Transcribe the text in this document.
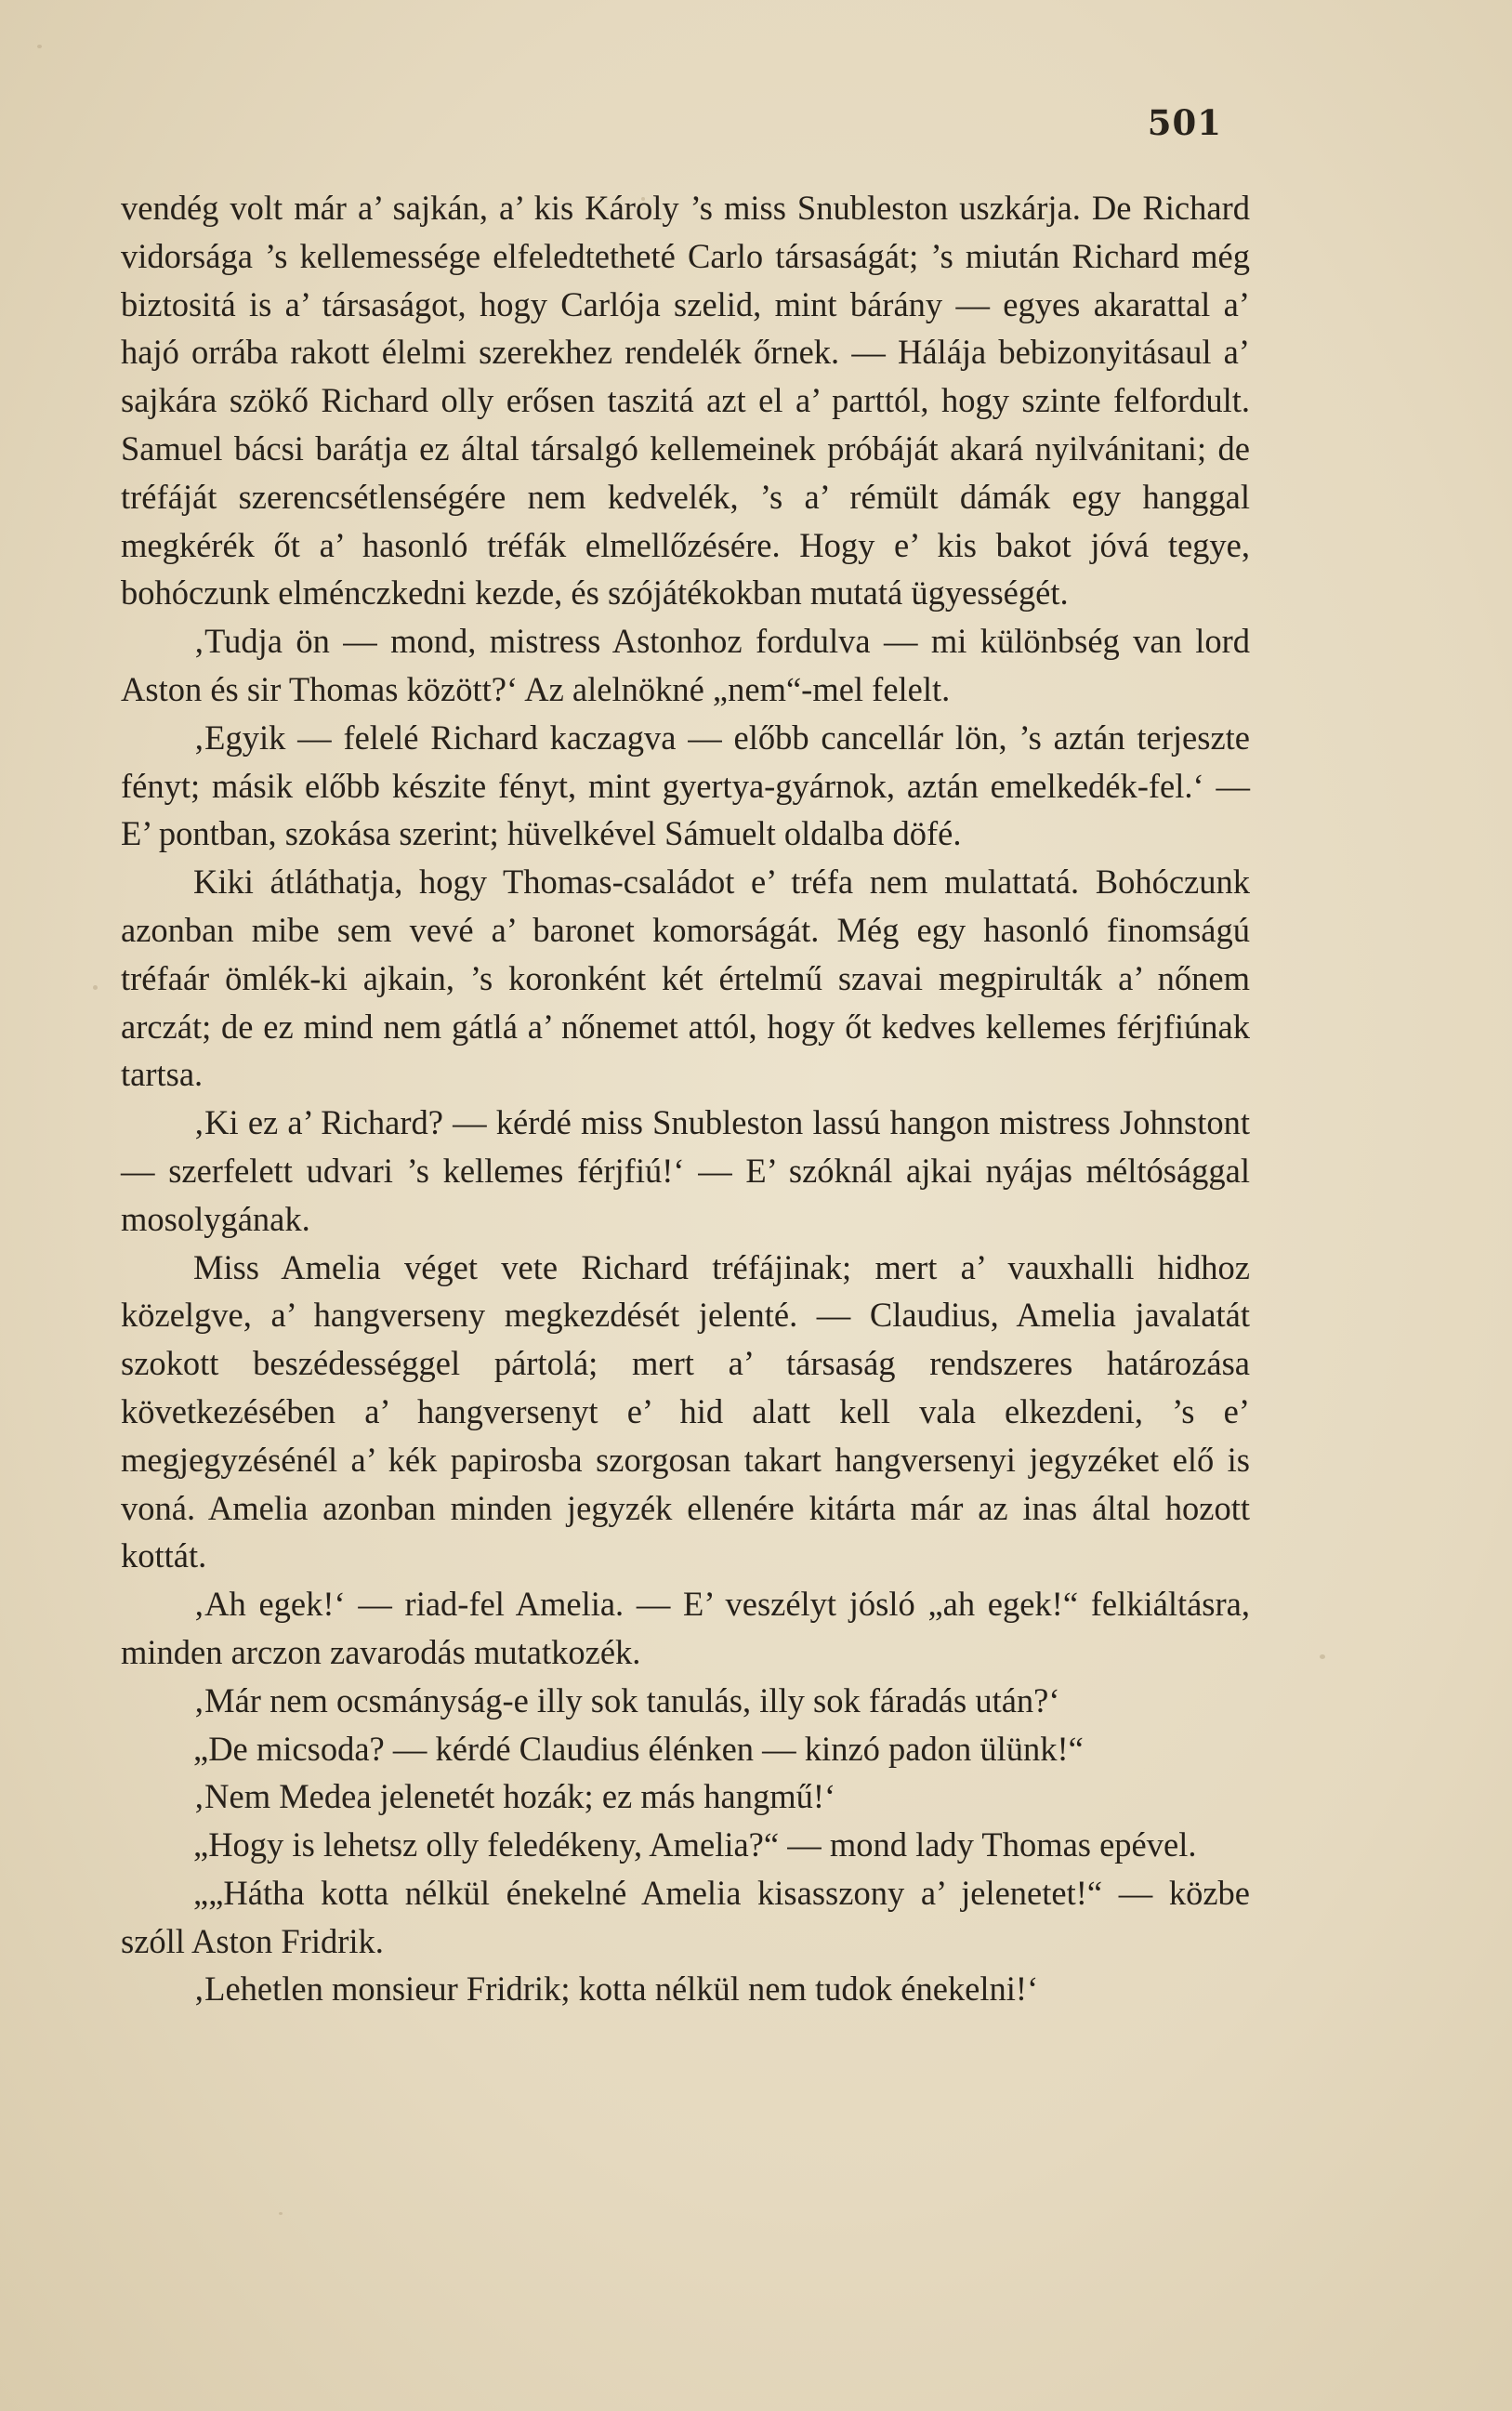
501

vendég volt már a’ sajkán, a’ kis Károly ’s miss Snubleston uszkárja. De Richard vidorsága ’s kellemessége elfeledtetheté Carlo társaságát; ’s miután Richard még biztositá is a’ társaságot, hogy Carlója szelid, mint bárány — egyes akarattal a’ hajó orrába rakott élelmi szerekhez rendelék őrnek. — Hálája bebizonyitásaul a’ sajkára szökő Richard olly erősen taszitá azt el a’ parttól, hogy szinte felfordult. Samuel bácsi barátja ez által társalgó kellemeinek próbáját akará nyilvánitani; de tréfáját szerencsétlenségére nem kedvelék, ’s a’ rémült dámák egy hanggal megkérék őt a’ hasonló tréfák elmellőzésére. Hogy e’ kis bakot jóvá tegye, bohóczunk elménczkedni kezde, és szójátékokban mutatá ügyességét.

‚Tudja ön — mond, mistress Astonhoz fordulva — mi különbség van lord Aston és sir Thomas között?‘ Az alelnökné „nem“-mel felelt.

‚Egyik — felelé Richard kaczagva — előbb cancellár lön, ’s aztán terjeszte fényt; másik előbb készite fényt, mint gyertya-gyárnok, aztán emelkedék-fel.‘ — E’ pontban, szokása szerint; hüvelkével Sámuelt oldalba döfé.

Kiki átláthatja, hogy Thomas-családot e’ tréfa nem mulattatá. Bohóczunk azonban mibe sem vevé a’ baronet komorságát. Még egy hasonló finomságú tréfaár ömlék-ki ajkain, ’s koronként két értelmű szavai megpirulták a’ nőnem arczát; de ez mind nem gátlá a’ nőnemet attól, hogy őt kedves kellemes férjfiúnak tartsa.

‚Ki ez a’ Richard? — kérdé miss Snubleston lassú hangon mistress Johnstont — szerfelett udvari ’s kellemes férjfiú!‘ — E’ szóknál ajkai nyájas méltósággal mosolygának.

Miss Amelia véget vete Richard tréfájinak; mert a’ vauxhalli hidhoz közelgve, a’ hangverseny megkezdését jelenté. — Claudius, Amelia javalatát szokott beszédességgel pártolá; mert a’ társaság rendszeres határozása következésében a’ hangversenyt e’ hid alatt kell vala elkezdeni, ’s e’ megjegyzésénél a’ kék papirosba szorgosan takart hangversenyi jegyzéket elő is voná. Amelia azonban minden jegyzék ellenére kitárta már az inas által hozott kottát.

‚Ah egek!‘ — riad-fel Amelia. — E’ veszélyt jósló „ah egek!“ felkiáltásra, minden arczon zavarodás mutatkozék.

‚Már nem ocsmányság-e illy sok tanulás, illy sok fáradás után?‘

„De micsoda? — kérdé Claudius élénken — kinzó padon ülünk!“

‚Nem Medea jelenetét hozák; ez más hangmű!‘

„Hogy is lehetsz olly feledékeny, Amelia?“ — mond lady Thomas epével.

„„Hátha kotta nélkül énekelné Amelia kisasszony a’ jelenetet!“ — közbe szóll Aston Fridrik.

‚Lehetlen monsieur Fridrik; kotta nélkül nem tudok énekelni!‘
